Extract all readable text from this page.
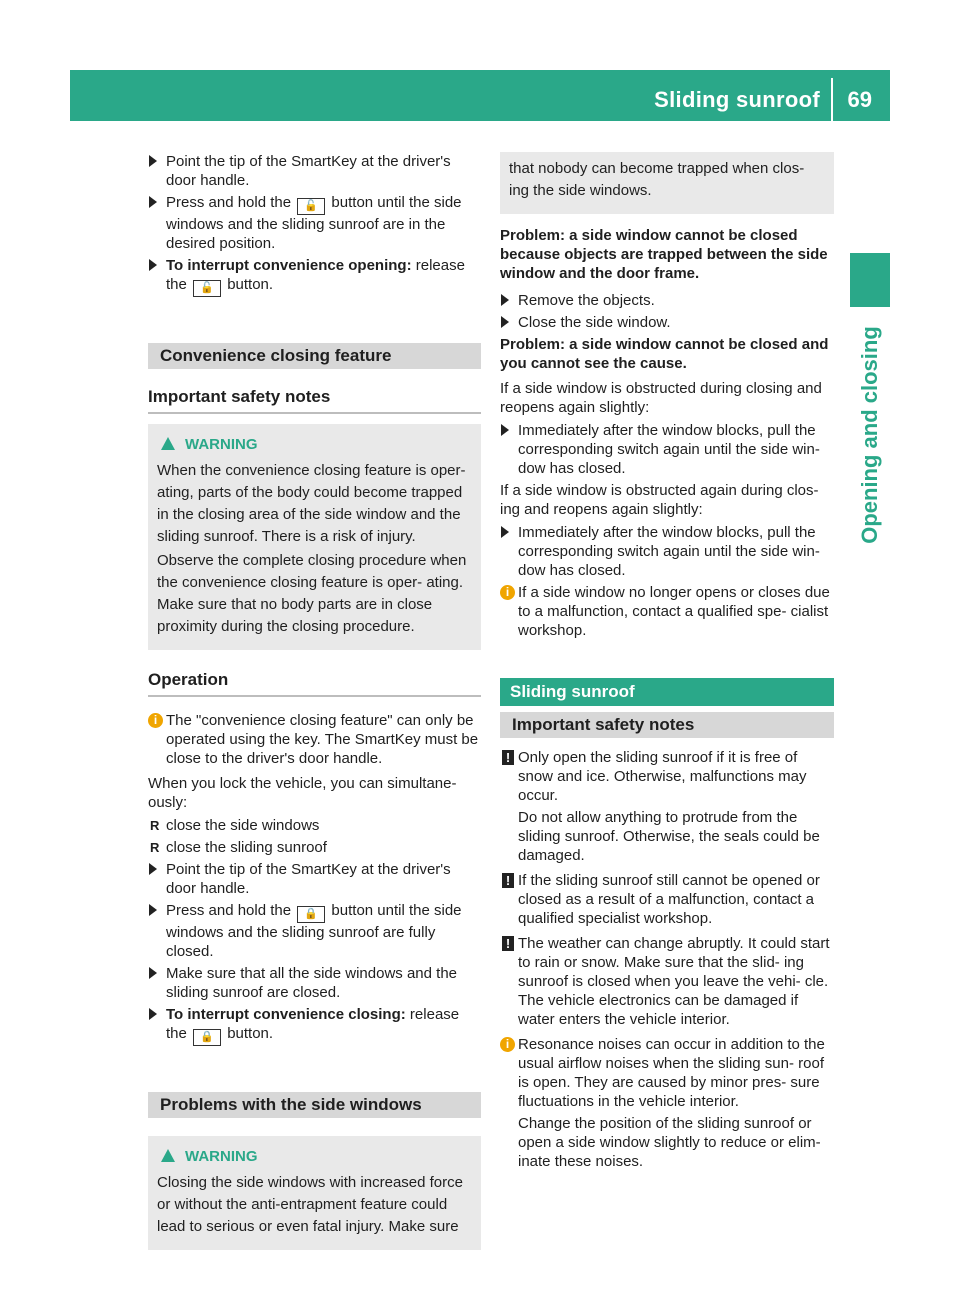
Sliding sunroof 69
Opening and closing
Point the tip of the SmartKey at the driver's door handle.
Press and hold the 🔓 button until the side windows and the sliding sunroof are in the desired position.
To interrupt convenience opening: release the 🔓 button.
Convenience closing feature
Important safety notes
WARNING

When the convenience closing feature is oper- ating, parts of the body could become trapped in the closing area of the side window and the sliding sunroof. There is a risk of injury.

Observe the complete closing procedure when the convenience closing feature is oper- ating. Make sure that no body parts are in close proximity during the closing procedure.

Operation
i The "convenience closing feature" can only be operated using the key. The SmartKey must be close to the driver's door handle.
When you lock the vehicle, you can simultane- ously:
R close the side windows
R close the sliding sunroof
Point the tip of the SmartKey at the driver's door handle.
Press and hold the 🔒 button until the side windows and the sliding sunroof are fully closed.
Make sure that all the side windows and the sliding sunroof are closed.
To interrupt convenience closing: release the 🔒 button.
Problems with the side windows
WARNING

Closing the side windows with increased force or without the anti-entrapment feature could lead to serious or even fatal injury. Make sure

that nobody can become trapped when clos- ing the side windows.

Problem: a side window cannot be closed because objects are trapped between the side window and the door frame.
Remove the objects.
Close the side window.
Problem: a side window cannot be closed and you cannot see the cause.
If a side window is obstructed during closing and reopens again slightly:
Immediately after the window blocks, pull the corresponding switch again until the side win- dow has closed.
If a side window is obstructed again during clos- ing and reopens again slightly:
Immediately after the window blocks, pull the corresponding switch again until the side win- dow has closed.
i If a side window no longer opens or closes due to a malfunction, contact a qualified spe- cialist workshop.
Sliding sunroof
Important safety notes
! Only open the sliding sunroof if it is free of snow and ice. Otherwise, malfunctions may occur.

Do not allow anything to protrude from the sliding sunroof. Otherwise, the seals could be damaged.

! If the sliding sunroof still cannot be opened or closed as a result of a malfunction, contact a qualified specialist workshop.

! The weather can change abruptly. It could start to rain or snow. Make sure that the slid- ing sunroof is closed when you leave the vehi- cle. The vehicle electronics can be damaged if water enters the vehicle interior.

i Resonance noises can occur in addition to the usual airflow noises when the sliding sun- roof is open. They are caused by minor pres- sure fluctuations in the vehicle interior.

Change the position of the sliding sunroof or open a side window slightly to reduce or elim- inate these noises.
